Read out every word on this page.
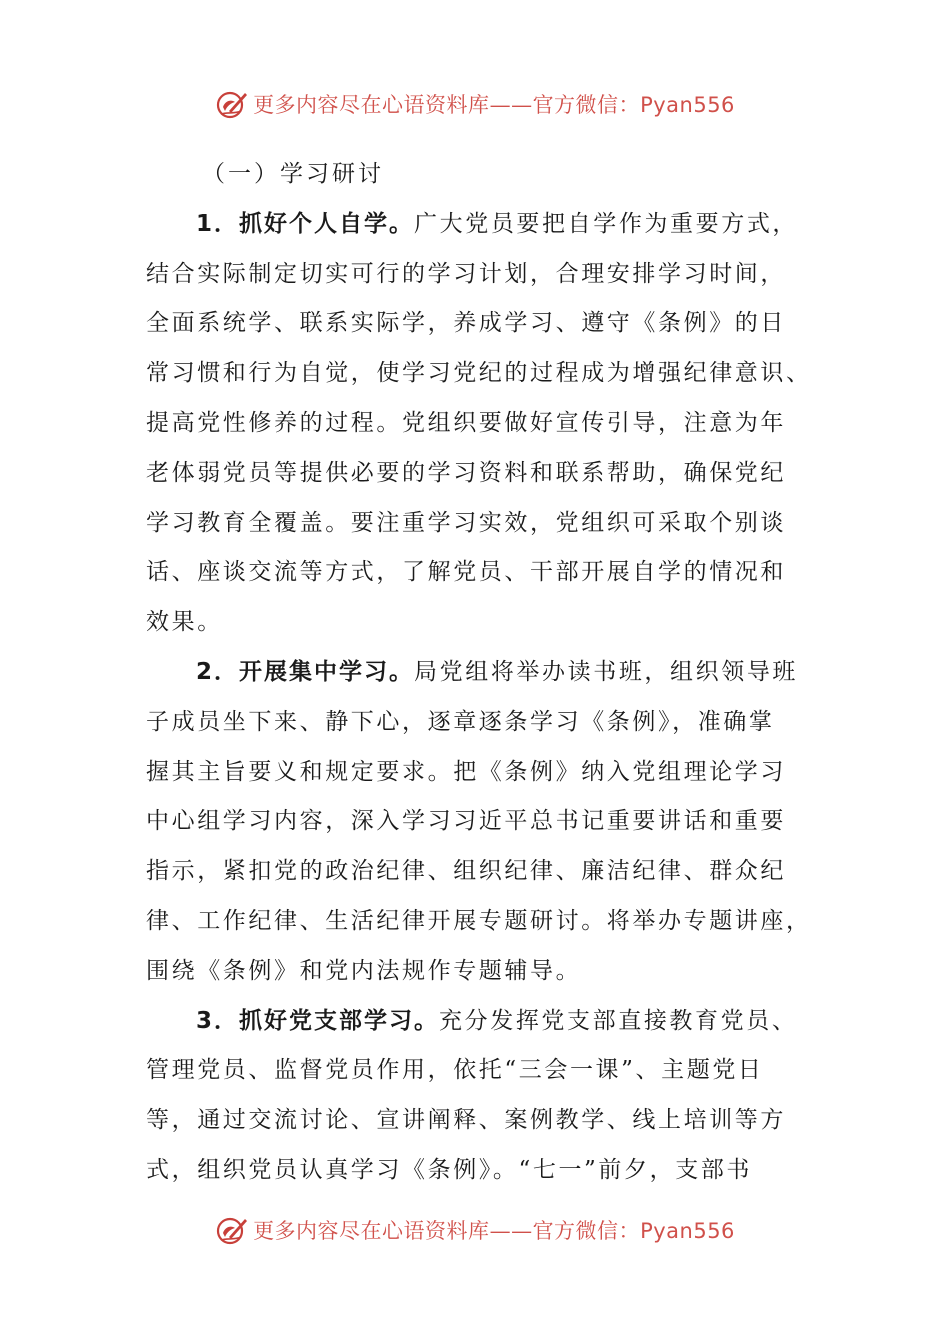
更多内容尽在心语资料库——官方微信：Pyan556
（一）学习研讨
1．抓好个人自学。广大党员要把自学作为重要方式，
结合实际制定切实可行的学习计划，合理安排学习时间，
全面系统学、联系实际学，养成学习、遵守《条例》的日
常习惯和行为自觉，使学习党纪的过程成为增强纪律意识、
提高党性修养的过程。党组织要做好宣传引导，注意为年
老体弱党员等提供必要的学习资料和联系帮助，确保党纪
学习教育全覆盖。要注重学习实效，党组织可采取个别谈
话、座谈交流等方式，了解党员、干部开展自学的情况和
效果。
2．开展集中学习。局党组将举办读书班，组织领导班
子成员坐下来、静下心，逐章逐条学习《条例》，准确掌
握其主旨要义和规定要求。把《条例》纳入党组理论学习
中心组学习内容，深入学习习近平总书记重要讲话和重要
指示，紧扣党的政治纪律、组织纪律、廉洁纪律、群众纪
律、工作纪律、生活纪律开展专题研讨。将举办专题讲座，
围绕《条例》和党内法规作专题辅导。
3．抓好党支部学习。充分发挥党支部直接教育党员、
管理党员、监督党员作用，依托“三会一课”、主题党日
等，通过交流讨论、宣讲阐释、案例教学、线上培训等方
式，组织党员认真学习《条例》。“七一”前夕，支部书
更多内容尽在心语资料库——官方微信：Pyan556
